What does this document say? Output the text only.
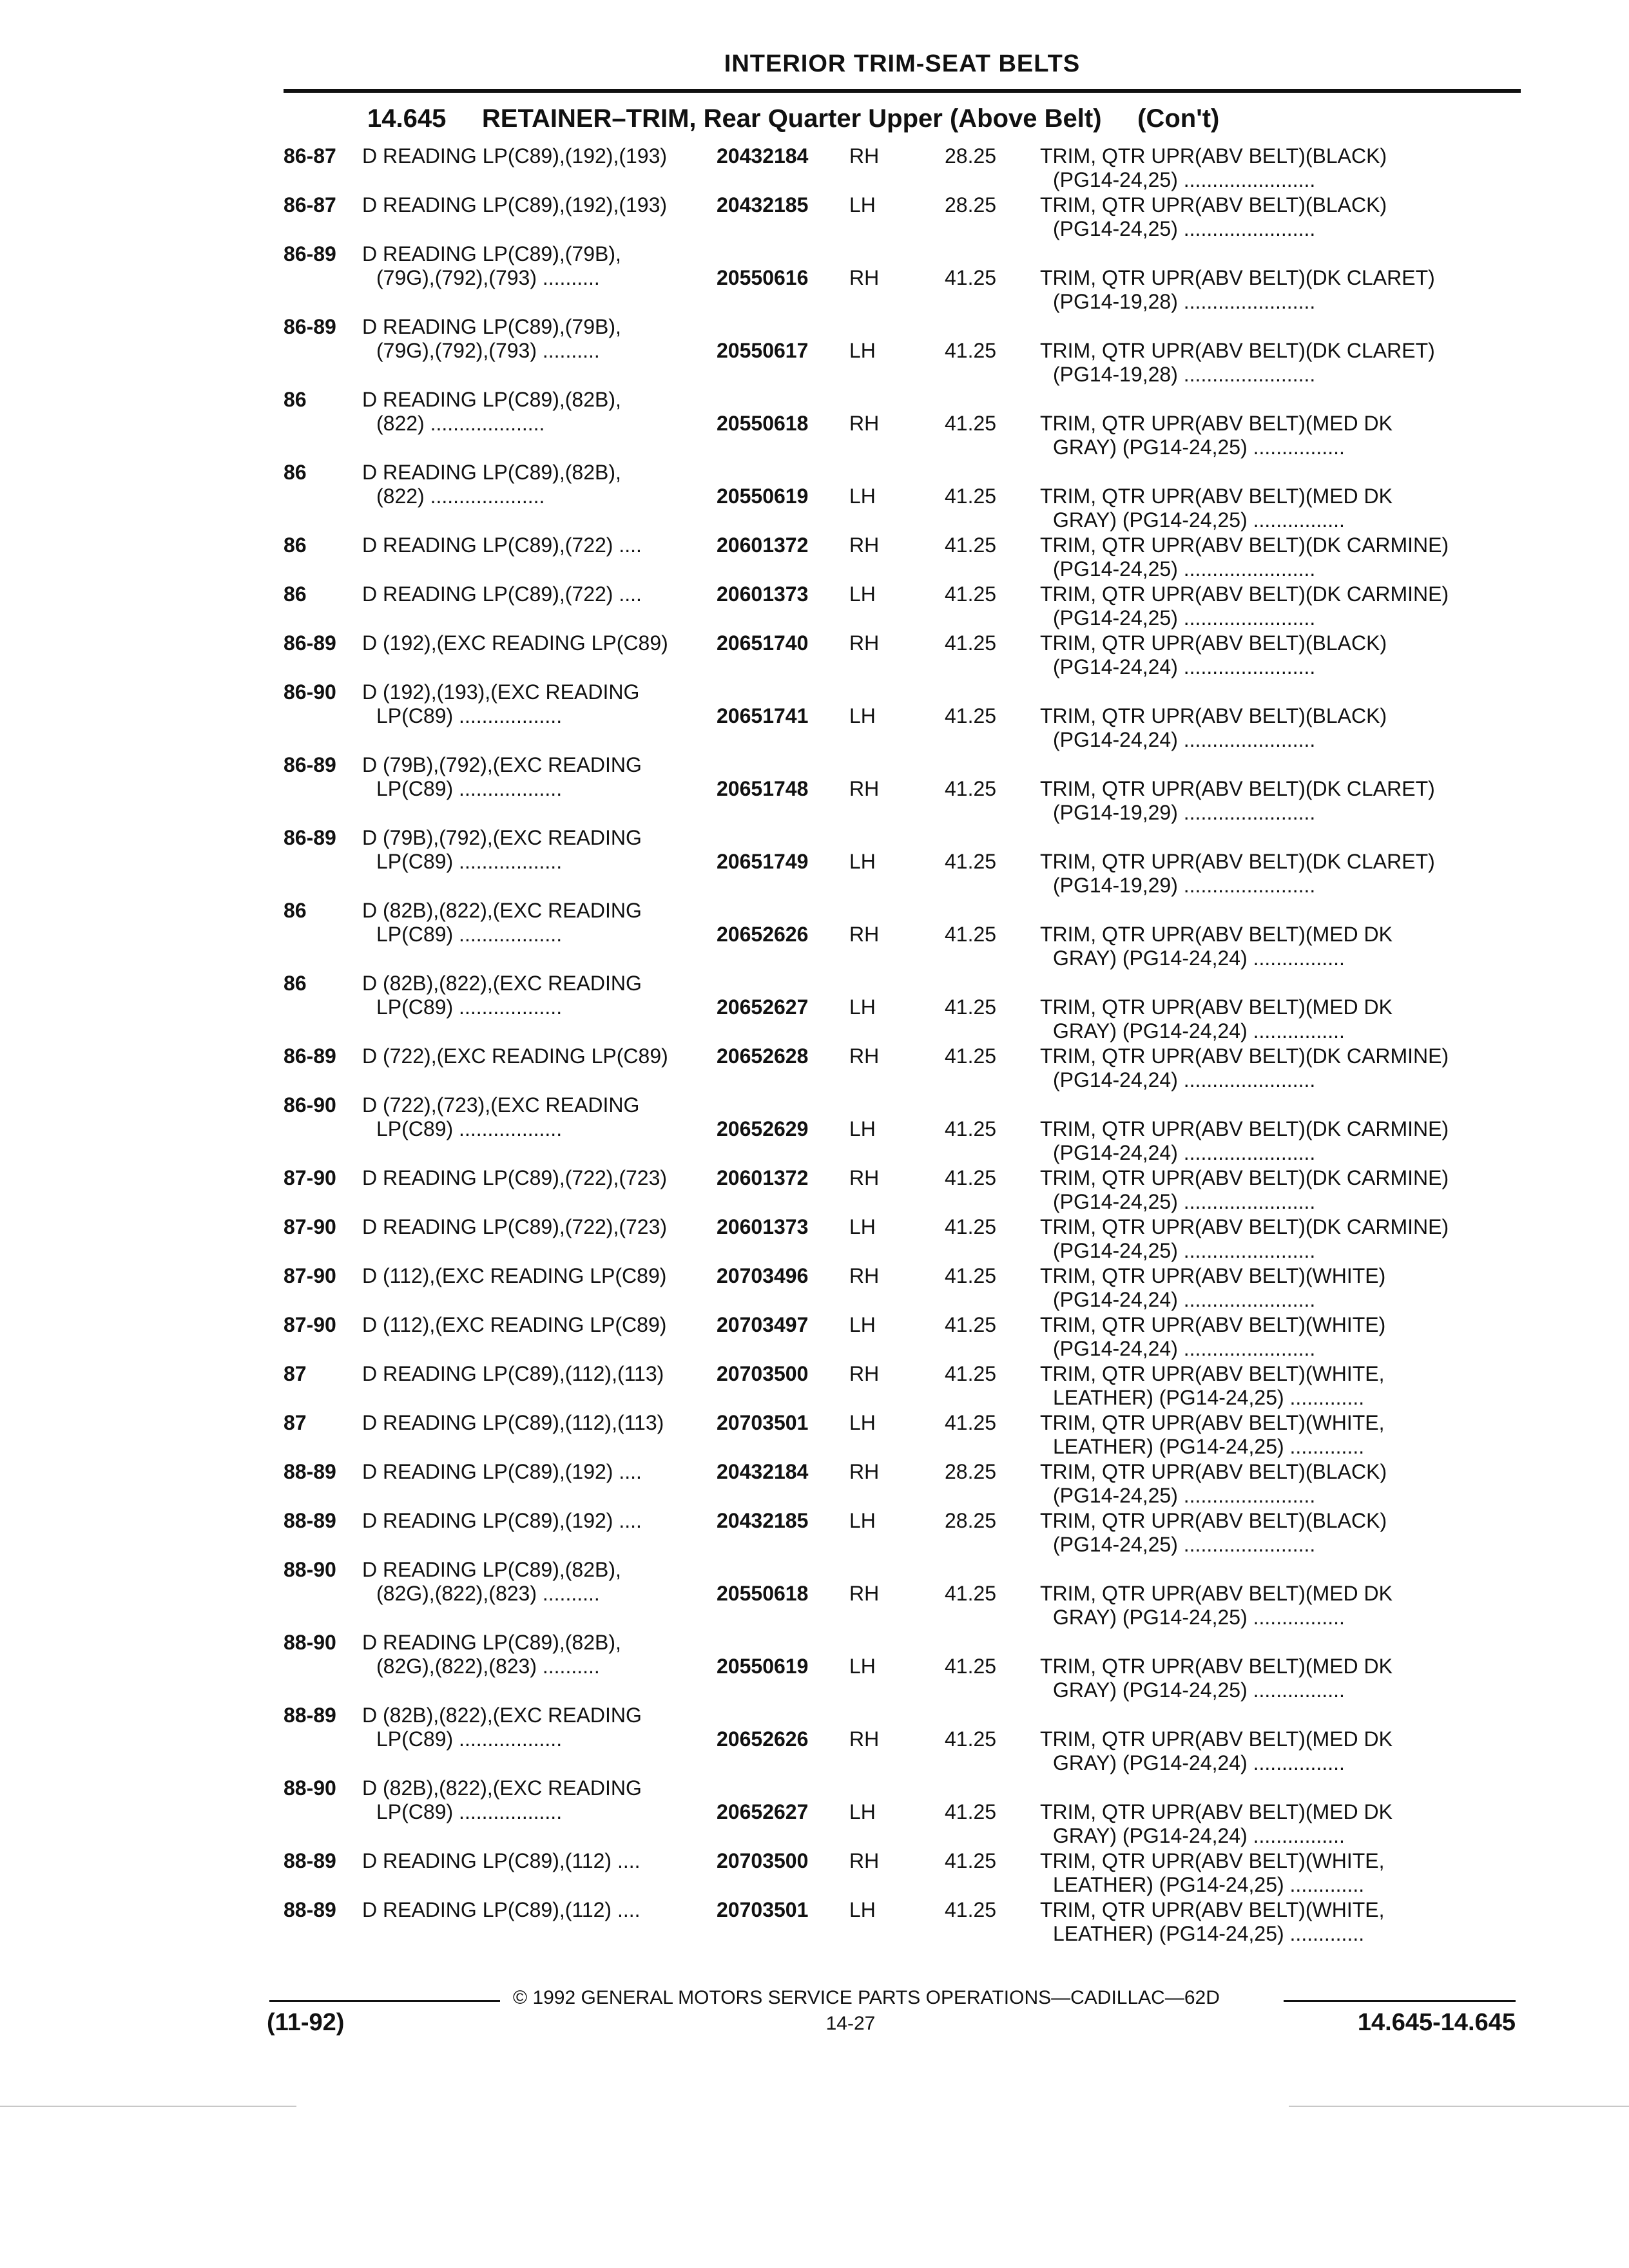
INTERIOR TRIM-SEAT BELTS
14.645 RETAINER–TRIM, Rear Quarter Upper (Above Belt) (Con't)
86-87 D READING LP(C89),(192),(193) 20432184 RH	28.25 TRIM, QTR UPR(ABV BELT)(BLACK)
(PG14-24,25) .......................
86-87 D READING LP(C89),(192),(193) 20432185 LH	28.25 TRIM, QTR UPR(ABV BELT)(BLACK)
(PG14-24,25) .......................
86-89 D READING LP(C89),(79B),
(79G),(792),(793) ..........	20550616 RH	41.25 TRIM, QTR UPR(ABV BELT)(DK CLARET)
(PG14-19,28) .......................
86-89 D READING LP(C89),(79B),
(79G),(792),(793) ..........	20550617 LH	41.25 TRIM, QTR UPR(ABV BELT)(DK CLARET)
(PG14-19,28) .......................
86	D READING LP(C89),(82B),
(822) ....................	20550618 RH	41.25 TRIM, QTR UPR(ABV BELT)(MED DK
GRAY) (PG14-24,25) ................
86	D READING LP(C89),(82B),
(822) ....................	20550619 LH	41.25 TRIM, QTR UPR(ABV BELT)(MED DK
GRAY) (PG14-24,25) ................
86	D READING LP(C89),(722) ....	20601372 RH	41.25 TRIM, QTR UPR(ABV BELT)(DK CARMINE)
(PG14-24,25) .......................
86	D READING LP(C89),(722) ....	20601373 LH	41.25 TRIM, QTR UPR(ABV BELT)(DK CARMINE)
(PG14-24,25) .......................
86-89 D (192),(EXC READING LP(C89) 20651740 RH	41.25 TRIM, QTR UPR(ABV BELT)(BLACK)
(PG14-24,24) .......................
86-90 D (192),(193),(EXC READING
LP(C89) ..................	20651741 LH	41.25 TRIM, QTR UPR(ABV BELT)(BLACK)
(PG14-24,24) .......................
86-89 D (79B),(792),(EXC READING
LP(C89) ..................	20651748 RH	41.25 TRIM, QTR UPR(ABV BELT)(DK CLARET)
(PG14-19,29) .......................
86-89 D (79B),(792),(EXC READING
LP(C89) ..................	20651749 LH	41.25 TRIM, QTR UPR(ABV BELT)(DK CLARET)
(PG14-19,29) .......................
86	D (82B),(822),(EXC READING
LP(C89) ..................	20652626 RH	41.25 TRIM, QTR UPR(ABV BELT)(MED DK
GRAY) (PG14-24,24) ................
86	D (82B),(822),(EXC READING
LP(C89) ..................	20652627 LH	41.25 TRIM, QTR UPR(ABV BELT)(MED DK
GRAY) (PG14-24,24) ................
86-89 D (722),(EXC READING LP(C89) 20652628 RH	41.25 TRIM, QTR UPR(ABV BELT)(DK CARMINE)
(PG14-24,24) .......................
86-90 D (722),(723),(EXC READING
LP(C89) ..................	20652629 LH	41.25 TRIM, QTR UPR(ABV BELT)(DK CARMINE)
(PG14-24,24) .......................
87-90 D READING LP(C89),(722),(723) 20601372 RH	41.25 TRIM, QTR UPR(ABV BELT)(DK CARMINE)
(PG14-24,25) .......................
87-90 D READING LP(C89),(722),(723) 20601373 LH	41.25 TRIM, QTR UPR(ABV BELT)(DK CARMINE)
(PG14-24,25) .......................
87-90 D (112),(EXC READING LP(C89) 20703496 RH	41.25 TRIM, QTR UPR(ABV BELT)(WHITE)
(PG14-24,24) .......................
87-90 D (112),(EXC READING LP(C89) 20703497 LH	41.25 TRIM, QTR UPR(ABV BELT)(WHITE)
(PG14-24,24) .......................
87	D READING LP(C89),(112),(113)	20703500 RH	41.25 TRIM, QTR UPR(ABV BELT)(WHITE,
LEATHER) (PG14-24,25) .............
87	D READING LP(C89),(112),(113)	20703501 LH	41.25 TRIM, QTR UPR(ABV BELT)(WHITE,
LEATHER) (PG14-24,25) .............
88-89 D READING LP(C89),(192) ....	20432184 RH	28.25 TRIM, QTR UPR(ABV BELT)(BLACK)
(PG14-24,25) .......................
88-89 D READING LP(C89),(192) ....	20432185 LH	28.25 TRIM, QTR UPR(ABV BELT)(BLACK)
(PG14-24,25) .......................
88-90 D READING LP(C89),(82B),
(82G),(822),(823) ..........	20550618 RH	41.25 TRIM, QTR UPR(ABV BELT)(MED DK
GRAY) (PG14-24,25) ................
88-90 D READING LP(C89),(82B),
(82G),(822),(823) ..........	20550619 LH	41.25 TRIM, QTR UPR(ABV BELT)(MED DK
GRAY) (PG14-24,25) ................
88-89 D (82B),(822),(EXC READING
LP(C89) ..................	20652626 RH	41.25 TRIM, QTR UPR(ABV BELT)(MED DK
GRAY) (PG14-24,24) ................
88-90 D (82B),(822),(EXC READING
LP(C89) ..................	20652627 LH	41.25 TRIM, QTR UPR(ABV BELT)(MED DK
GRAY) (PG14-24,24) ................
88-89 D READING LP(C89),(112) ....	20703500 RH	41.25 TRIM, QTR UPR(ABV BELT)(WHITE,
LEATHER) (PG14-24,25) .............
88-89 D READING LP(C89),(112) ....	20703501 LH	41.25 TRIM, QTR UPR(ABV BELT)(WHITE,
LEATHER) (PG14-24,25) .............
© 1992 GENERAL MOTORS SERVICE PARTS OPERATIONS—CADILLAC—62D
(11-92)	14-27	14.645-14.645
